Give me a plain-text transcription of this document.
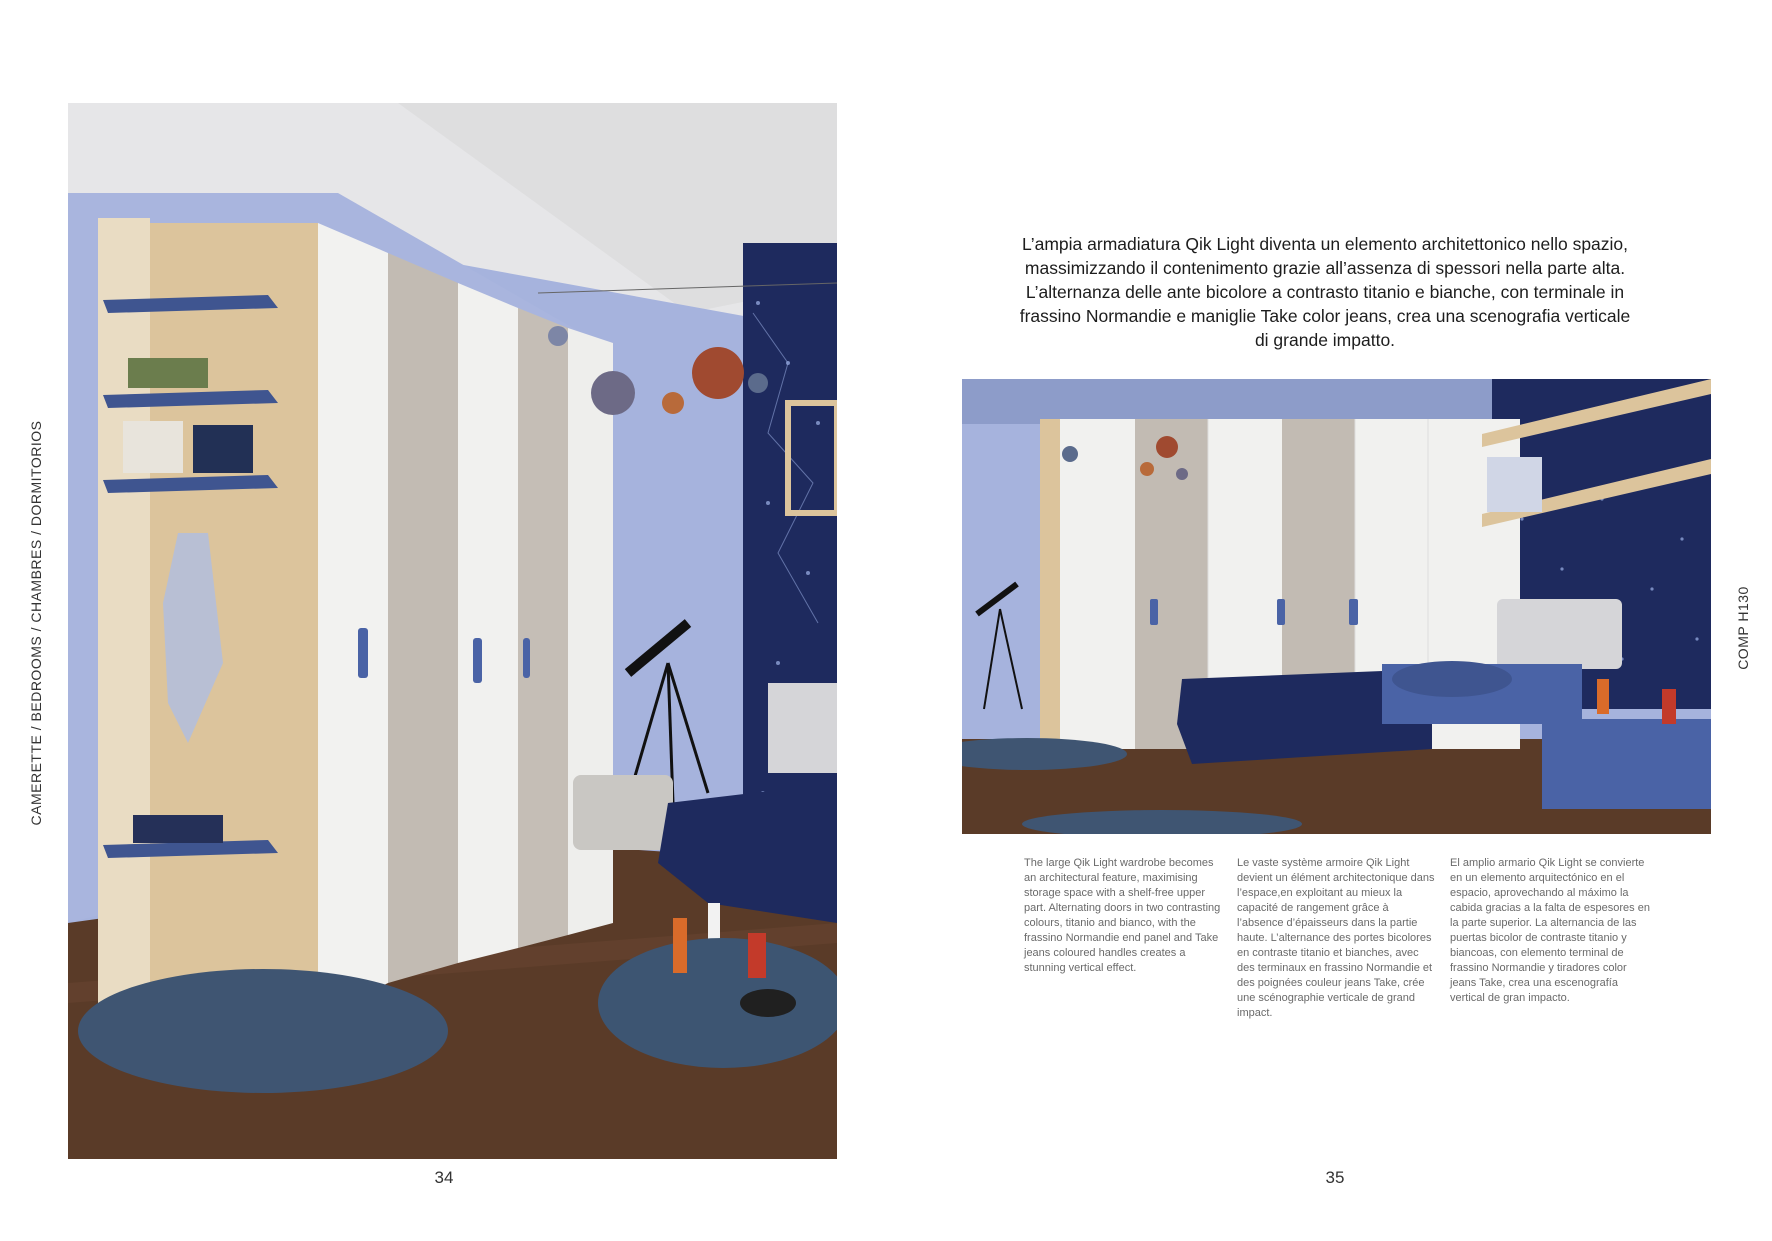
CAMERETTE / BEDROOMS / CHAMBRES / DORMITORIOS
L’ampia armadiatura Qik Light diventa un elemento architettonico nello spazio, massimizzando il contenimento grazie all’assenza di spessori nella parte alta. L’alternanza delle ante bicolore a contrasto titanio e bianche, con terminale in frassino Normandie e maniglie Take color jeans, crea una scenografia verticale di grande impatto.
COMP H130
The large Qik Light wardrobe becomes an architectural feature, maximising storage space with a shelf-free upper part. Alternating doors in two contrasting colours, titanio and bianco, with the frassino Normandie end panel and Take jeans coloured handles creates a stunning vertical effect.
Le vaste système armoire Qik Light devient un élément architectonique dans l’espace,en exploitant au mieux la capacité de rangement grâce à l’absence d’épaisseurs dans la partie haute. L’alternance des portes bicolores en contraste titanio et bianches, avec des terminaux en frassino Normandie et des poignées couleur jeans Take, crée une scénographie verticale de grand impact.
El amplio armario Qik Light se convierte en un elemento arquitectónico en el espacio, aprovechando al máximo la cabida gracias a la falta de espesores en la parte superior. La alternancia de las puertas bicolor de contraste titanio y biancoas, con elemento terminal de frassino Normandie y tiradores color jeans Take, crea una escenografía vertical de gran impacto.
34	35
